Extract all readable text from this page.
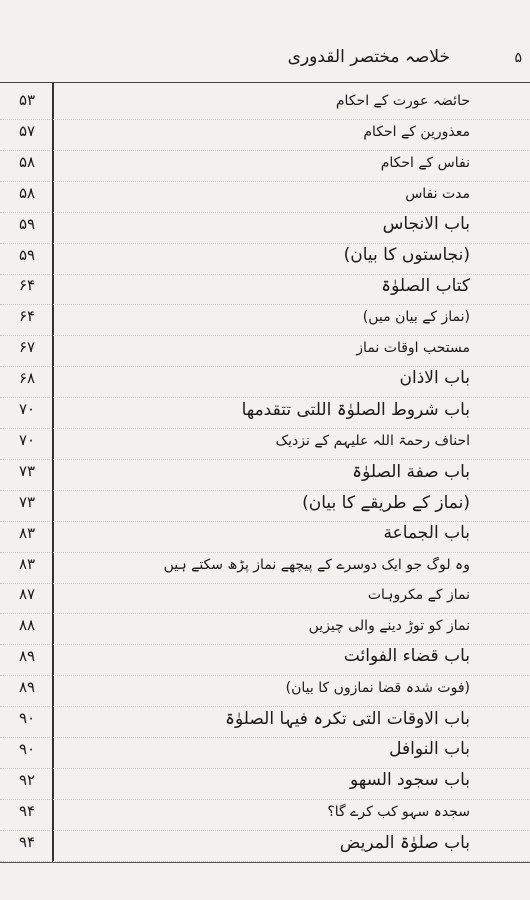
خلاصہ مختصر القدوری	۵
۵۳	حائضہ عورت کے احکام
۵۷	معذورین کے احکام
۵۸	نفاس کے احکام
۵۸	مدت نفاس
۵۹	باب الانجاس
۵۹	(نجاستوں کا بیان)
۶۴	کتاب الصلوٰۃ
۶۴	(نماز کے بیان میں)
۶۷	مستحب اوقات نماز
۶۸	باب الاذان
۷۰	باب شروط الصلوٰۃ اللتی تتقدمھا
۷۰	احناف رحمۃ اللہ علیہم کے نزدیک
۷۳	باب صفة الصلوٰۃ
۷۳	(نماز کے طریقے کا بیان)
۸۳	باب الجماعة
۸۳	وہ لوگ جو ایک دوسرے کے پیچھے نماز پڑھ سکتے ہیں
۸۷	نماز کے مکروہات
۸۸	نماز کو توڑ دینے والی چیزیں
۸۹	باب قضاء الفوائت
۸۹	(فوت شدہ قضا نمازوں کا بیان)
۹۰	باب الاوقات التی تکرہ فیہا الصلوٰۃ
۹۰	باب النوافل
۹۲	باب سجود السھو
۹۴	سجدہ سہو کب کرے گا؟
۹۴	باب صلوٰۃ المریض
